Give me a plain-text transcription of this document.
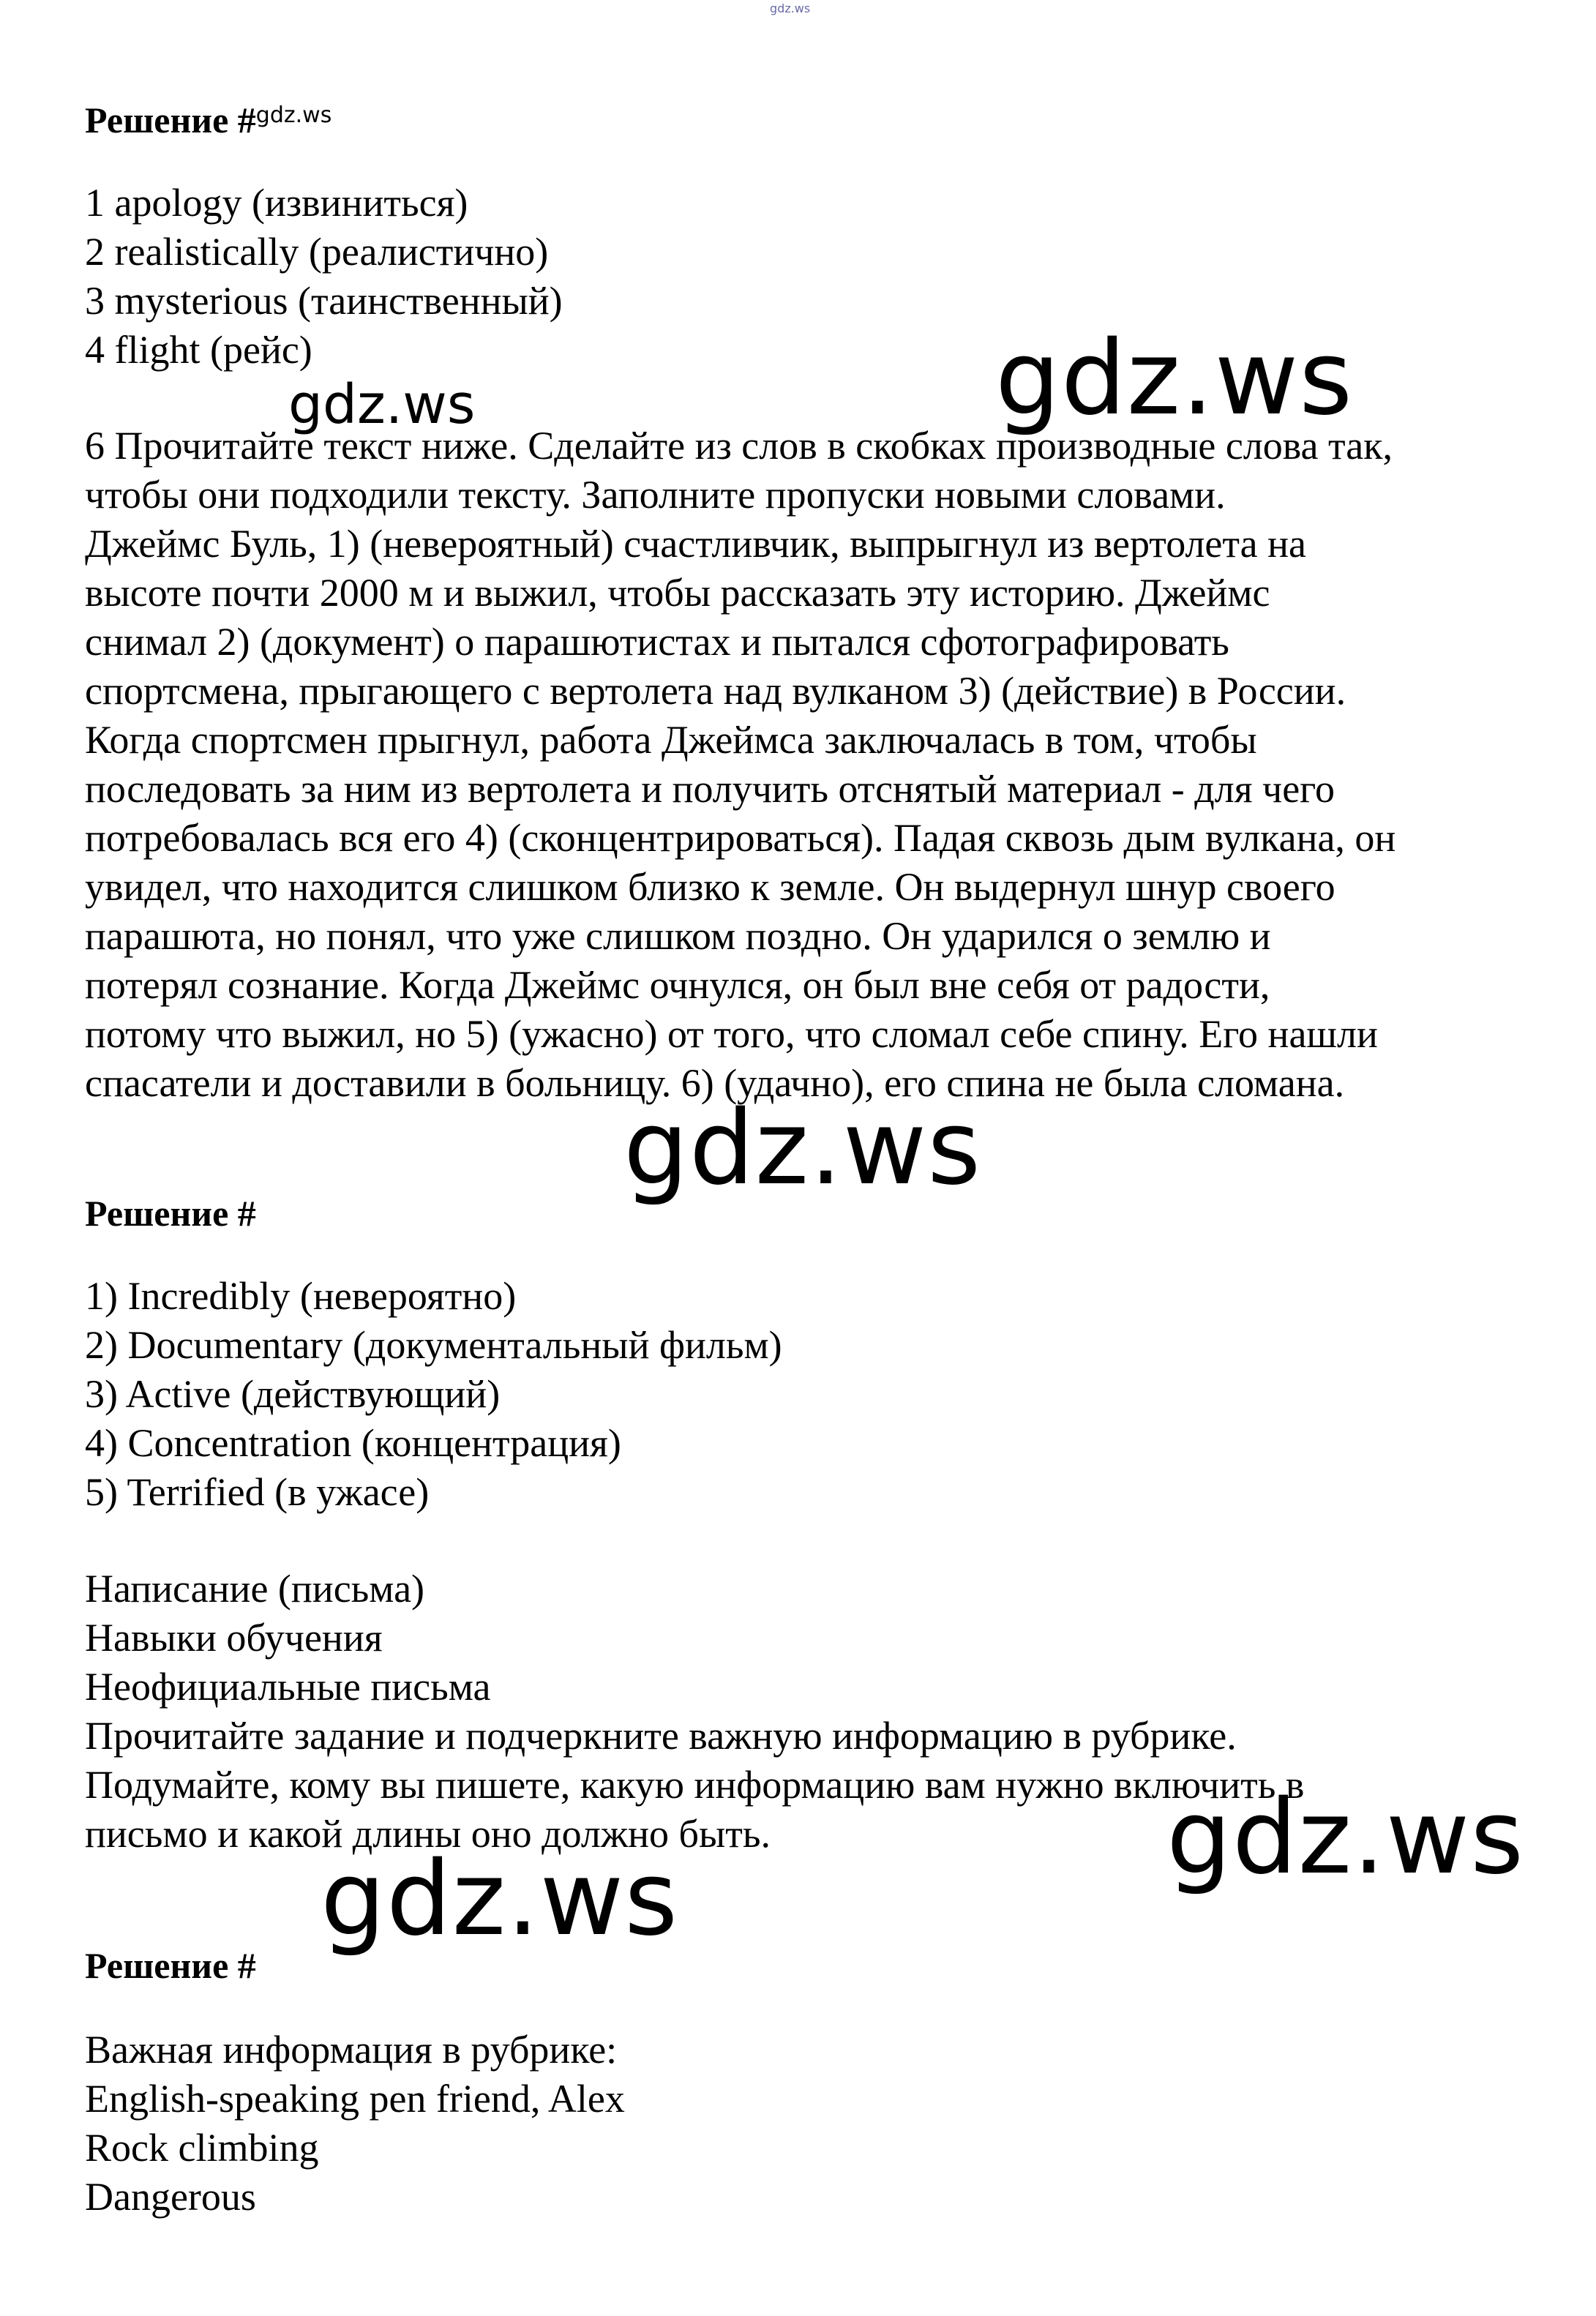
gdz.ws
Решение #$^{gdz.ws}$
1 apology (извиниться)
2 realistically (реалистично)
3 mysterious (таинственный)
4 flight (рейс)
6 Прочитайте текст ниже. Сделайте из слов в скобках производные слова так,
чтобы они подходили тексту. Заполните пропуски новыми словами.
Джеймс Буль, 1) (невероятный) счастливчик, выпрыгнул из вертолета на
высоте почти 2000 м и выжил, чтобы рассказать эту историю. Джеймс
снимал 2) (документ) о парашютистах и пытался сфотографировать
спортсмена, прыгающего с вертолета над вулканом 3) (действие) в России.
Когда спортсмен прыгнул, работа Джеймса заключалась в том, чтобы
последовать за ним из вертолета и получить отснятый материал - для чего
потребовалась вся его 4) (сконцентрироваться). Падая сквозь дым вулкана, он
увидел, что находится слишком близко к земле. Он выдернул шнур своего
парашюта, но понял, что уже слишком поздно. Он ударился о землю и
потерял сознание. Когда Джеймс очнулся, он был вне себя от радости,
потому что выжил, но 5) (ужасно) от того, что сломал себе спину. Его нашли
спасатели и доставили в больницу. 6) (удачно), его спина не была сломана.
Решение #
1) Incredibly (невероятно)
2) Documentary (документальный фильм)
3) Active (действующий)
4) Concentration (концентрация)
5) Terrified (в ужасе)
Написание (письма)
Навыки обучения
Неофициальные письма
Прочитайте задание и подчеркните важную информацию в рубрике.
Подумайте, кому вы пишете, какую информацию вам нужно включить в
письмо и какой длины оно должно быть.
Решение #
Важная информация в рубрике:
English-speaking pen friend, Alex
Rock climbing
Dangerous
gdz.ws
gdz.ws
gdz.ws
gdz.ws
gdz.ws
